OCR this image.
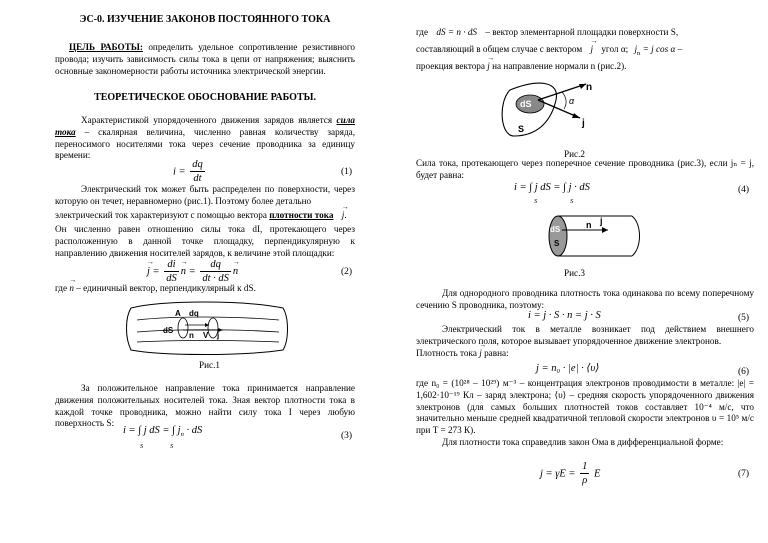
ЭС-0. ИЗУЧЕНИЕ ЗАКОНОВ ПОСТОЯННОГО ТОКА

ЦЕЛЬ РАБОТЫ: определить удельное сопротивление резистивного провода; изучить зависимость силы тока в цепи от напряжения; выяснить основные закономерности работы источника электрической энергии.

ТЕОРЕТИЧЕСКОЕ ОБОСНОВАНИЕ РАБОТЫ.

Характеристикой упорядоченного движения зарядов является сила тока – скалярная величина, численно равная количеству заряда, переносимого носителями тока через сечение проводника за единицу времени:

$i = \frac{dq}{dt}$	(1)

Электрический ток может быть распределен по поверхности, через которую он течет, неравномерно (рис.1). Поэтому более детально

электрический ток характеризуют с помощью вектора плотности тока → j.

Он численно равен отношению силы тока dI, протекающего через расположенную в данной точке площадку, перпендикулярную к направлению движения носителей зарядов, к величине этой площадки:

→ $j = \frac{di}{dS}$
→ $n = \frac{dq}{dt \cdot dS}$
→ n	(2)

где → n – единичный вектор, перпендикулярный к dS.

A dq
dS
n V j
Рис.1

За положительное направление тока принимается направление движения положительных носителей тока. Зная вектор плотности тока в каждой точке проводника, можно найти силу тока I через любую поверхность S:

i = ∫ j dS = ∫ $j_n$ · dS
S	S
(3)

где dS = n · dS – вектор элементарной площадки поверхности S,

составляющий в общем случае с вектором → j угол α; $j_n = j$ cos α –

проекция вектора → j на направление нормали n (рис.2).

dS
S
n
α
j
Рис.2

Сила тока, протекающего через поперечное сечение проводника (рис.3), если jₙ = j, будет равна:

i = ∫ j dS = ∫ j · dS
S	S
(4)
dS
S
n j
Рис.3

Для однородного проводника плотность тока одинакова по всему поперечному сечению S проводника, поэтому:

i = j · S · n = j · S	(5)

Электрический ток в металле возникает под действием внешнего электрического поля, которое вызывает упорядоченное движение электронов.

Плотность тока → j равна:

j = n₀ · |e| · ⟨υ⟩	(6)

где n₀ = (10²⁸ – 10²⁹) м⁻³ – концентрация электронов проводимости в металле: |e| = 1,602·10⁻¹⁹ Кл – заряд электрона; ⟨υ⟩ – средняя скорость упорядоченного движения электронов (для самых больших плотностей токов составляет 10⁻⁴ м/с, что значительно меньше средней квадратичной тепловой скорости электронов υ = 10⁵ м/с при T = 273 К).

Для плотности тока справедлив закон Ома в дифференциальной форме:

$j = \gamma E = \frac{1}{\rho}$ E	(7)
